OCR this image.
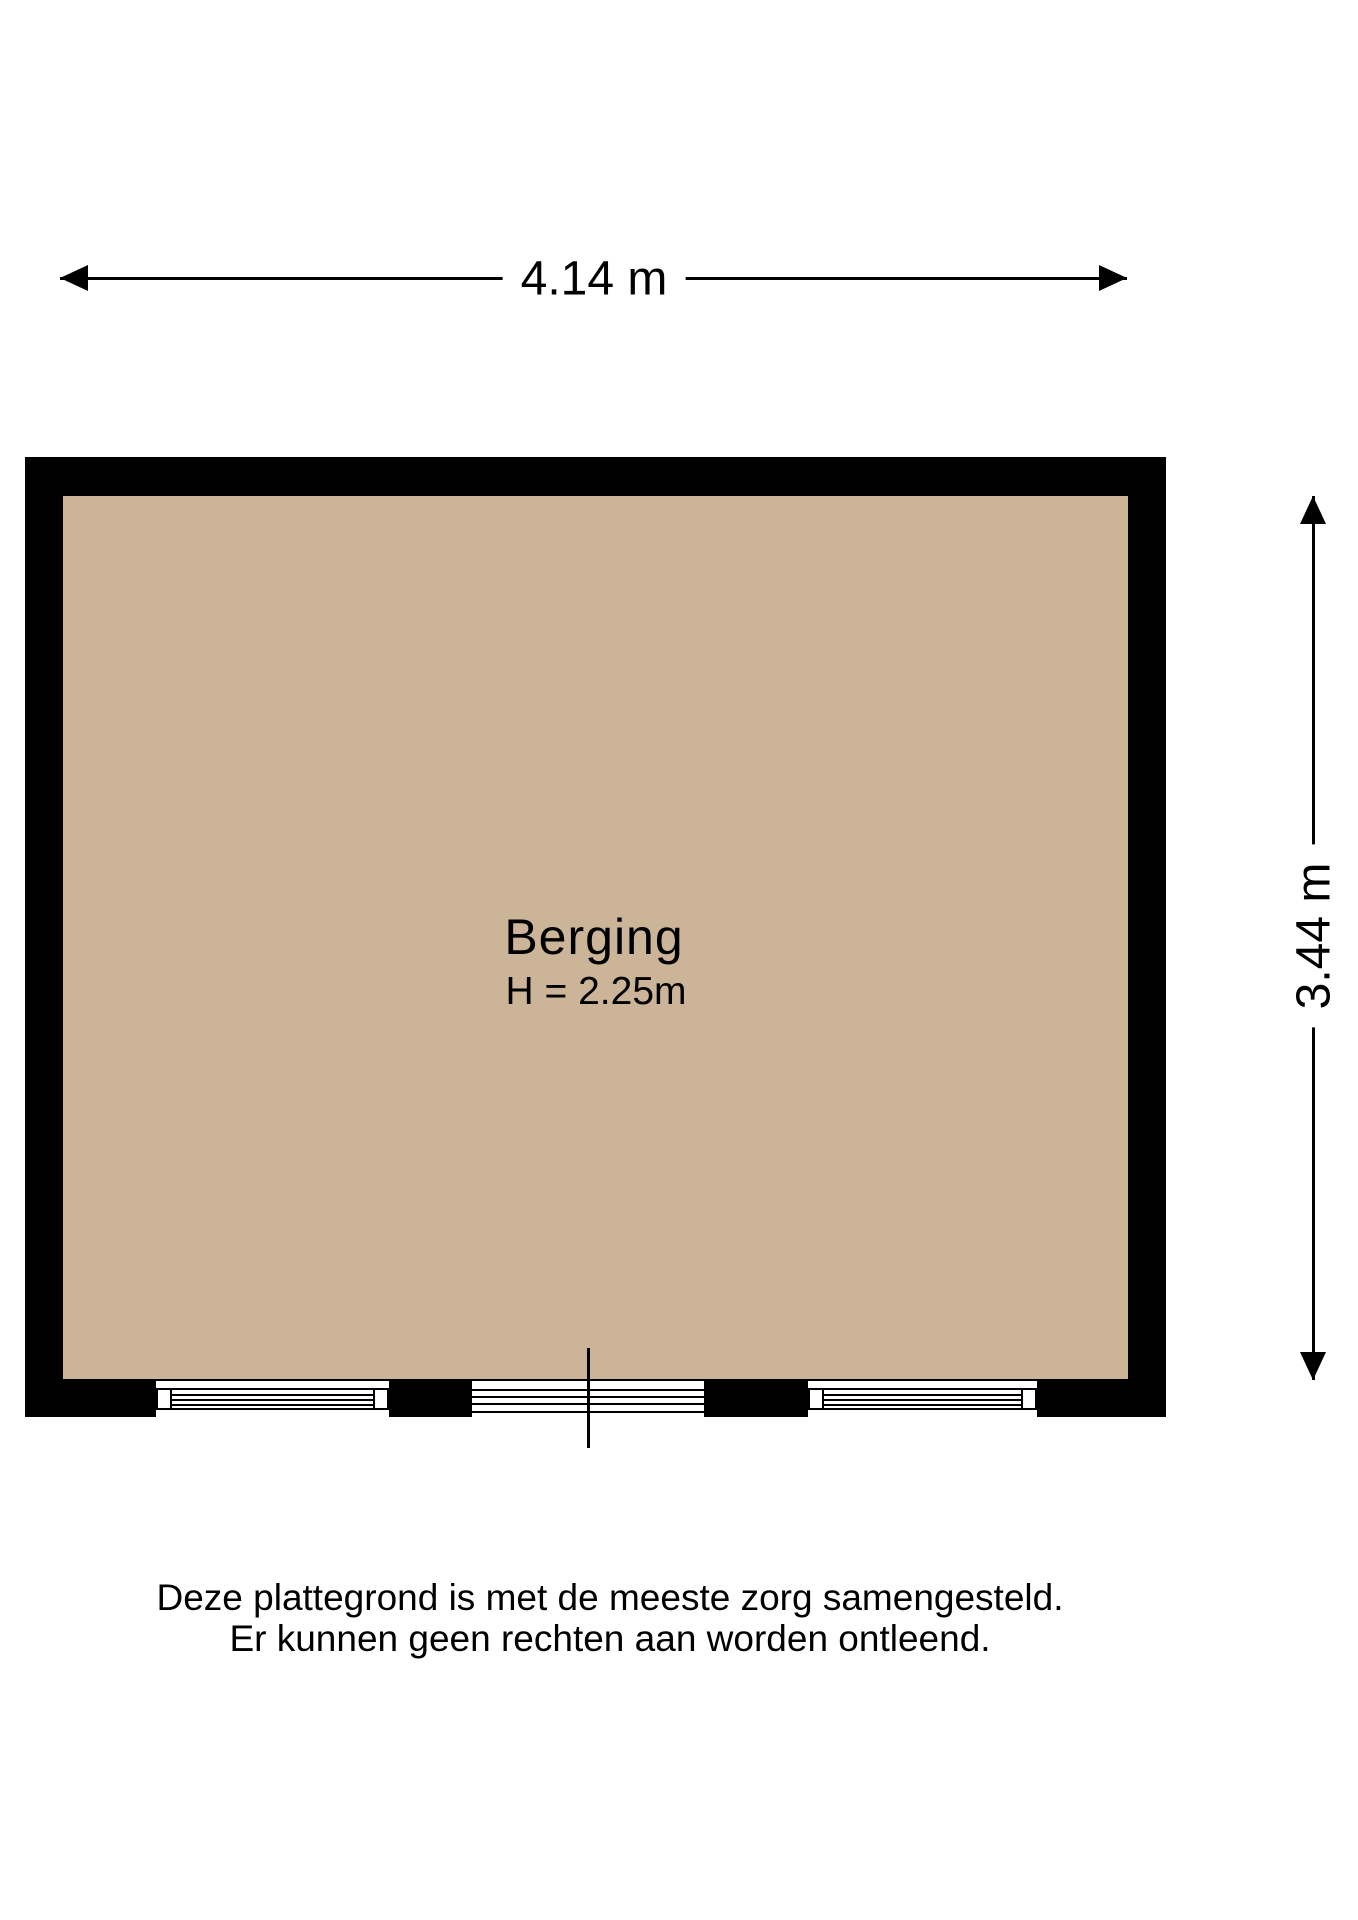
4.14 m
3.44 m
Berging
H = 2.25m
Deze plattegrond is met de meeste zorg samengesteld.
Er kunnen geen rechten aan worden ontleend.
